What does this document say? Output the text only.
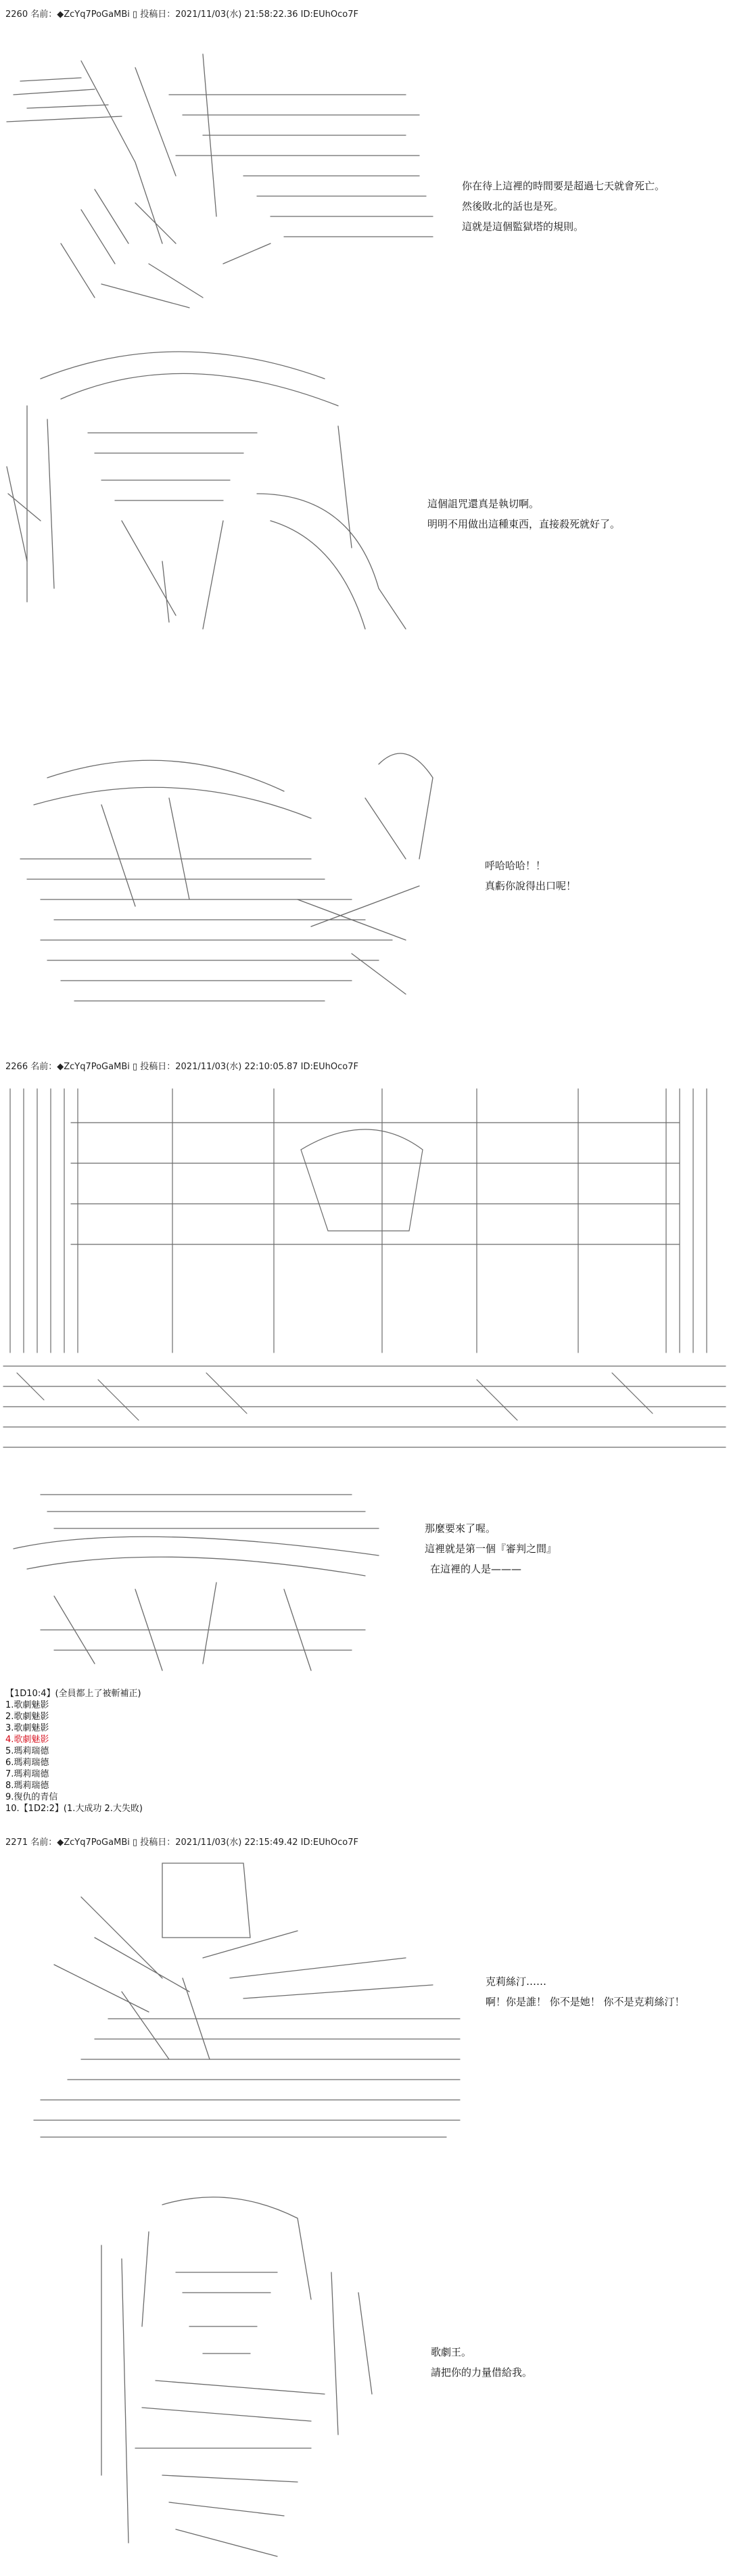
2260 名前：◆ZcYq7PoGaMBi ▯ 投稿日：2021/11/03(水) 21:58:22.36 ID:EUhOco7F
2266 名前：◆ZcYq7PoGaMBi ▯ 投稿日：2021/11/03(水) 22:10:05.87 ID:EUhOco7F
2271 名前：◆ZcYq7PoGaMBi ▯ 投稿日：2021/11/03(水) 22:15:49.42 ID:EUhOco7F
你在待上這裡的時間要是超過七天就會死亡。
然後敗北的話也是死。
這就是這個監獄塔的規則。
這個詛咒還真是執切啊。
明明不用做出這種東西，直接殺死就好了。
呼哈哈哈！！
真虧你說得出口呢！
那麼要來了喔。
這裡就是第一個『審判之間』
在這裡的人是———
克莉絲汀……
啊！你是誰！ 你不是她！ 你不是克莉絲汀！
歌劇王。
請把你的力量借給我。
【1D10:4】(全員都上了被斬補正)
1.歌劇魅影
2.歌劇魅影
3.歌劇魅影
4.歌劇魅影
5.瑪莉瑞德
6.瑪莉瑞德
7.瑪莉瑞德
8.瑪莉瑞德
9.復仇的青信
10.【1D2:2】(1.大成功 2.大失敗)
